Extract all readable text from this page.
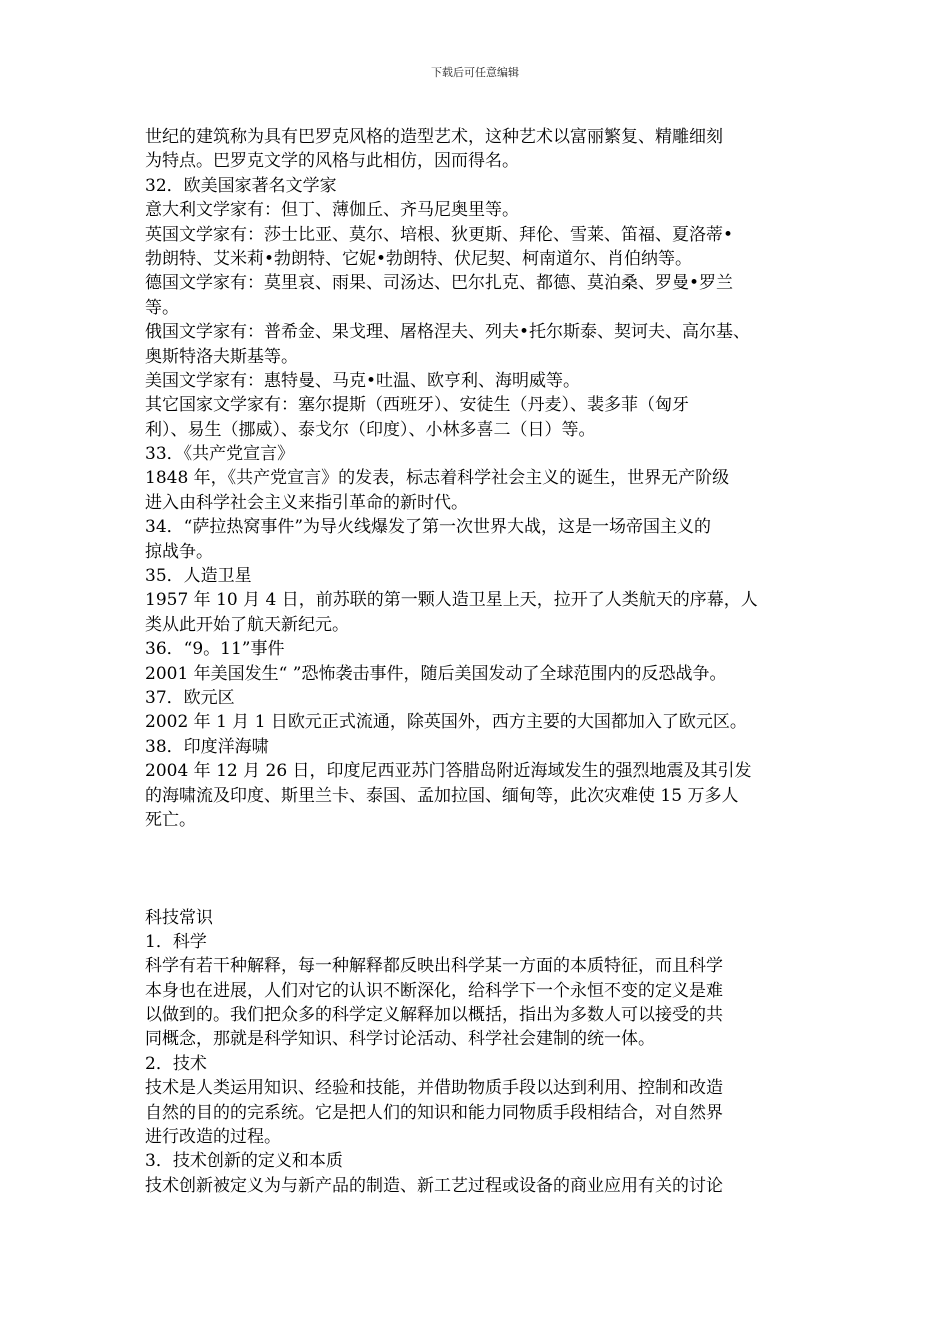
下载后可任意编辑
世纪的建筑称为具有巴罗克风格的造型艺术，这种艺术以富丽繁复、精雕细刻
为特点。巴罗克文学的风格与此相仿，因而得名。
32．欧美国家著名文学家
意大利文学家有：但丁、薄伽丘、齐马尼奥里等。
英国文学家有：莎士比亚、莫尔、培根、狄更斯、拜伦、雪莱、笛福、夏洛蒂•
勃朗特、艾米莉•勃朗特、它妮•勃朗特、伏尼契、柯南道尔、肖伯纳等。
德国文学家有：莫里哀、雨果、司汤达、巴尔扎克、都德、莫泊桑、罗曼•罗兰
等。
俄国文学家有：普希金、果戈理、屠格涅夫、列夫•托尔斯泰、契诃夫、高尔基、
奥斯特洛夫斯基等。
美国文学家有：惠特曼、马克•吐温、欧亨利、海明威等。
其它国家文学家有：塞尔提斯（西班牙）、安徒生（丹麦）、裴多菲（匈牙
利）、易生（挪威）、泰戈尔（印度）、小林多喜二（日）等。
33．《共产党宣言》
1848 年，《共产党宣言》的发表，标志着科学社会主义的诞生，世界无产阶级
进入由科学社会主义来指引革命的新时代。
34．“萨拉热窝事件”为导火线爆发了第一次世界大战，这是一场帝国主义的
掠战争。
35．人造卫星
1957 年 10 月 4 日，前苏联的第一颗人造卫星上天，拉开了人类航天的序幕，人
类从此开始了航天新纪元。
36．“9。11”事件
2001 年美国发生“ ”恐怖袭击事件，随后美国发动了全球范围内的反恐战争。
37．欧元区
2002 年 1 月 1 日欧元正式流通，除英国外，西方主要的大国都加入了欧元区。
38．印度洋海啸
2004 年 12 月 26 日，印度尼西亚苏门答腊岛附近海域发生的强烈地震及其引发
的海啸流及印度、斯里兰卡、泰国、孟加拉国、缅甸等，此次灾难使 15 万多人
死亡。
科技常识
1．科学
科学有若干种解释，每一种解释都反映出科学某一方面的本质特征，而且科学
本身也在进展，人们对它的认识不断深化，给科学下一个永恒不变的定义是难
以做到的。我们把众多的科学定义解释加以概括，指出为多数人可以接受的共
同概念，那就是科学知识、科学讨论活动、科学社会建制的统一体。
2．技术
技术是人类运用知识、经验和技能，并借助物质手段以达到利用、控制和改造
自然的目的的完系统。它是把人们的知识和能力同物质手段相结合，对自然界
进行改造的过程。
3．技术创新的定义和本质
技术创新被定义为与新产品的制造、新工艺过程或设备的商业应用有关的讨论
